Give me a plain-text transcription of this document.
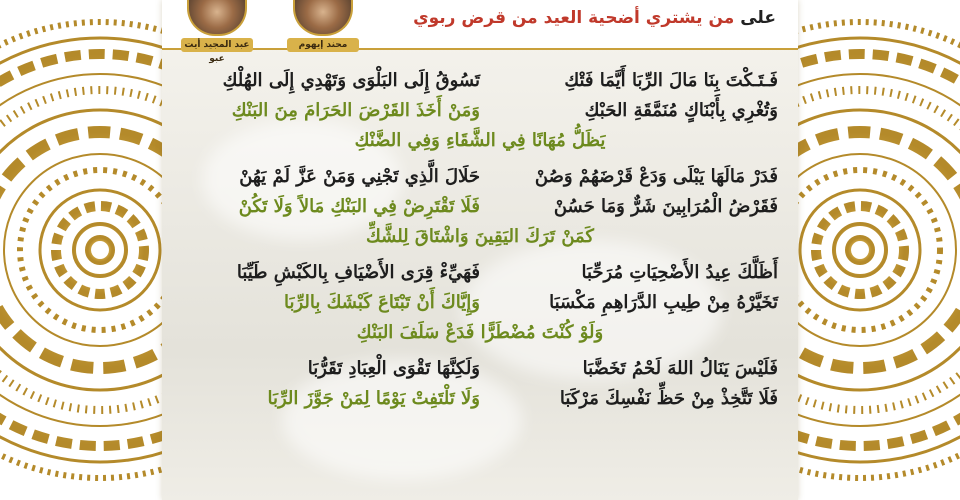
على من يشتري أضحية العيد من قرض ربوي
محند إيهوم
عبد المجيد أيت عبو
فَـتَـكْتَ بِنَا مَالَ الرِّبَا أَيَّمَا فَتْكِ
تَسُوقُ إِلَى البَلْوَى وَتَهْدِي إِلَى الهُلْكِ
وَتُغْرِي بِأَبْنَاكٍ مُنَمَّقَةِ الحَبْكِ
وَمَنْ أَخَذَ القَرْضَ الحَرَامَ مِنَ البَنْكِ
يَظَلُّ مُهَانًا فِي الشَّقَاءِ وَفِي الضَّنْكِ
فَدَرْ مَالَهَا يَبْلَى وَدَعْ قَرْضَهُمْ وَصُنْ
حَلَالَ الَّذِي تَجْنِي وَمَنْ عَزَّ لَمْ يَهُنْ
فَقَرْضُ الْمُرَابِينَ شَرٌّ وَمَا حَسُنْ
فَلَا تَقْتَرِضْ فِي البَنْكِ مَالاً وَلَا تَكُنْ
كَمَنْ تَرَكَ اليَقِينَ وَاشْتَاقَ لِلشَّكِّ
أَظَلَّكَ عِيدُ الأَضْحِيَاتِ مُرَحِّبَا
فَهَيِّءْ قِرَى الأَضْيَافِ بِالكَبْشِ طَيِّبَا
تَخَيَّرْهُ مِنْ طِيبِ الدَّرَاهِمِ مَكْسَبَا
وَإِيَّاكَ أَنْ تَبْتَاعَ كَبْشَكَ بِالرِّبَا
وَلَوْ كُنْتَ مُضْطَرًّا فَدَعْ سَلَفَ البَنْكِ
فَلَيْسَ يَنَالُ اللهَ لَحْمُ تَخَضَّبَا
وَلَكِنَّهَا تَقْوَى الْعِبَادِ تَقَرُّبَا
فَلَا تَتَّخِذْ مِنْ حَظِّ نَفْسِكَ مَرْكَبَا
وَلَا تَلْتَفِتْ يَوْمًا لِمَنْ جَوَّزَ الرِّبَا
